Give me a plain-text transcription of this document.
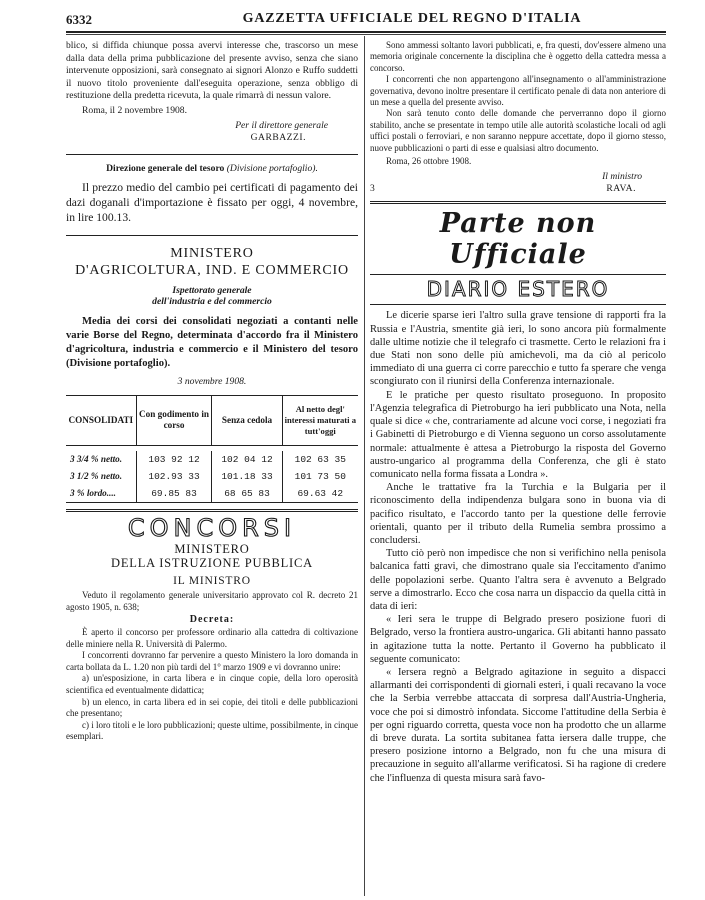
6332	GAZZETTA UFFICIALE DEL REGNO D'ITALIA

blico, si diffida chiunque possa avervi interesse che, trascorso un mese dalla data della prima pubblicazione del presente avviso, senza che siano intervenute opposizioni, sarà consegnato ai signori Alonzo e Ruffo suddetti il nuovo titolo proveniente dall'eseguita operazione, senza obbligo di restituzione della predetta ricevuta, la quale rimarrà di nessun valore.

Roma, il 2 novembre 1908.

Per il direttore generale

GARBAZZI.

Direzione generale del tesoro (Divisione portafoglio).

Il prezzo medio del cambio pei certificati di pagamento dei dazi doganali d'importazione è fissato per oggi, 4 novembre, in lire 100.13.

MINISTERO

D'AGRICOLTURA, IND. E COMMERCIO

Ispettorato generale

dell'industria e del commercio

Media dei corsi dei consolidati negoziati a contanti nelle varie Borse del Regno, determinata d'accordo fra il Ministero d'agricoltura, industria e commercio e il Ministero del tesoro (Divisione portafoglio).

3 novembre 1908.

CONSOLIDATI	Con godimento in corso	Senza cedola	Al netto degl' interessi maturati a tutt'oggi

3 3/4 % netto.	103 92 12	102 04 12	102 63 35
3 1/2 % netto.	102.93 33	101.18 33	101 73 50
3 % lordo....	69.85 83	68 65 83	69.63 42

CONCORSI

MINISTERO

DELLA ISTRUZIONE PUBBLICA

IL MINISTRO

Veduto il regolamento generale universitario approvato col R. decreto 21 agosto 1905, n. 638;

Decreta:

È aperto il concorso per professore ordinario alla cattedra di coltivazione delle miniere nella R. Università di Palermo.

I concorrenti dovranno far pervenire a questo Ministero la loro domanda in carta bollata da L. 1.20 non più tardi del 1° marzo 1909 e vi dovranno unire:

a) un'esposizione, in carta libera e in cinque copie, della loro operosità scientifica ed eventualmente didattica;

b) un elenco, in carta libera ed in sei copie, dei titoli e delle pubblicazioni che presentano;

c) i loro titoli e le loro pubblicazioni; queste ultime, possibilmente, in cinque esemplari.

Sono ammessi soltanto lavori pubblicati, e, fra questi, dov'essere almeno una memoria originale concernente la disciplina che è oggetto della cattedra messa a concorso.

I concorrenti che non appartengono all'insegnamento o all'amministrazione governativa, devono inoltre presentare il certificato penale di data non anteriore di un mese a quella del presente avviso.

Non sarà tenuto conto delle domande che perverranno dopo il giorno stabilito, anche se presentate in tempo utile alle autorità scolastiche locali od agli uffici postali o ferroviari, e non saranno neppure accettate, dopo il giorno stesso, nuove pubblicazioni o parti di esse e qualsiasi altro documento.

Roma, 26 ottobre 1908.

Il ministro

3	RAVA.

Parte non Ufficiale

DIARIO ESTERO

Le dicerie sparse ieri l'altro sulla grave tensione di rapporti fra la Russia e l'Austria, smentite già ieri, lo sono ancora più formalmente dalle ultime notizie che il telegrafo ci trasmette. Certo le relazioni fra i due Stati non sono delle più amichevoli, ma da ciò al pericolo immediato di una guerra ci corre parecchio e tutto fa sperare che venga scongiurato con il riunirsi della Conferenza internazionale.

E le pratiche per questo risultato proseguono. In proposito l'Agenzia telegrafica di Pietroburgo ha ieri pubblicato una Nota, nella quale si dice « che, contrariamente ad alcune voci corse, i negoziati fra i Gabinetti di Pietroburgo e di Vienna seguono un corso assolutamente normale: attualmente è attesa a Pietroburgo la risposta del Governo austro-ungarico al programma della Conferenza, che gli è stato comunicato nella forma fissata a Londra ».

Anche le trattative fra la Turchia e la Bulgaria per il riconoscimento della indipendenza bulgara sono in buona via di pacifico risultato, e l'accordo tanto per la questione delle ferrovie orientali, quanto per il tributo della Rumelia sembra prossimo a concludersi.

Tutto ciò però non impedisce che non si verifichino nella penisola balcanica fatti gravi, che dimostrano quale sia l'eccitamento d'animo delle popolazioni serbe. Quanto l'altra sera è avvenuto a Belgrado serve a dimostrarlo. Ecco che cosa narra un dispaccio da quella città in data di ieri:

« Ieri sera le truppe di Belgrado presero posizione fuori di Belgrado, verso la frontiera austro-ungarica. Gli abitanti hanno passato in agitazione tutta la notte. Pertanto il Governo ha pubblicato il seguente comunicato:

« Iersera regnò a Belgrado agitazione in seguito a dispacci allarmanti dei corrispondenti di giornali esteri, i quali recavano la voce che la Serbia verrebbe attaccata di sorpresa dall'Austria-Ungheria, voce che poi si dimostrò infondata. Siccome l'attitudine della Serbia è per ogni riguardo corretta, questa voce non ha prodotto che un allarme di breve durata. La sortita subitanea fatta iersera dalle truppe, che presero posizione intorno a Belgrado, non fu che una misura di precauzione in seguito all'allarme verificatosi. Si ha ragione di credere che l'influenza di questa misura sarà favo-
